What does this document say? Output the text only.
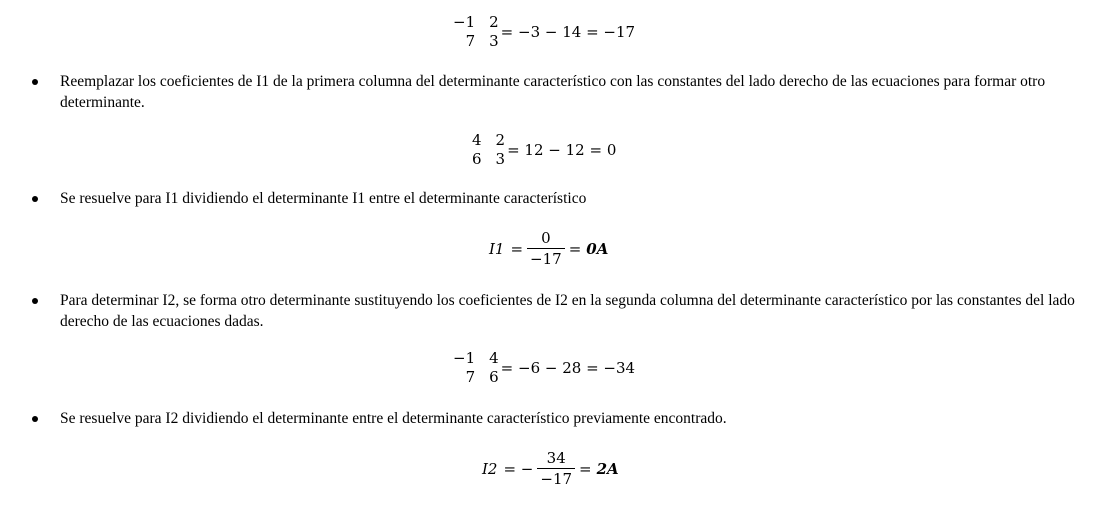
−1 2
7 3 = −3 − 14 = −17
Reemplazar los coeficientes de I1 de la primera columna del determinante característico con las constantes del lado derecho de las ecuaciones para formar otro determinante.
4 2
6 3 = 12 − 12 = 0
Se resuelve para I1 dividiendo el determinante I1 entre el determinante característico
$I1 = \frac{0}{-17} = 0A$
Para determinar I2, se forma otro determinante sustituyendo los coeficientes de I2 en la segunda columna del determinante característico por las constantes del lado derecho de las ecuaciones dadas.
−1 4
7 6 = −6 − 28 = −34
Se resuelve para I2 dividiendo el determinante entre el determinante característico previamente encontrado.
I2 = − $\frac{34}{-17} = 2A$
